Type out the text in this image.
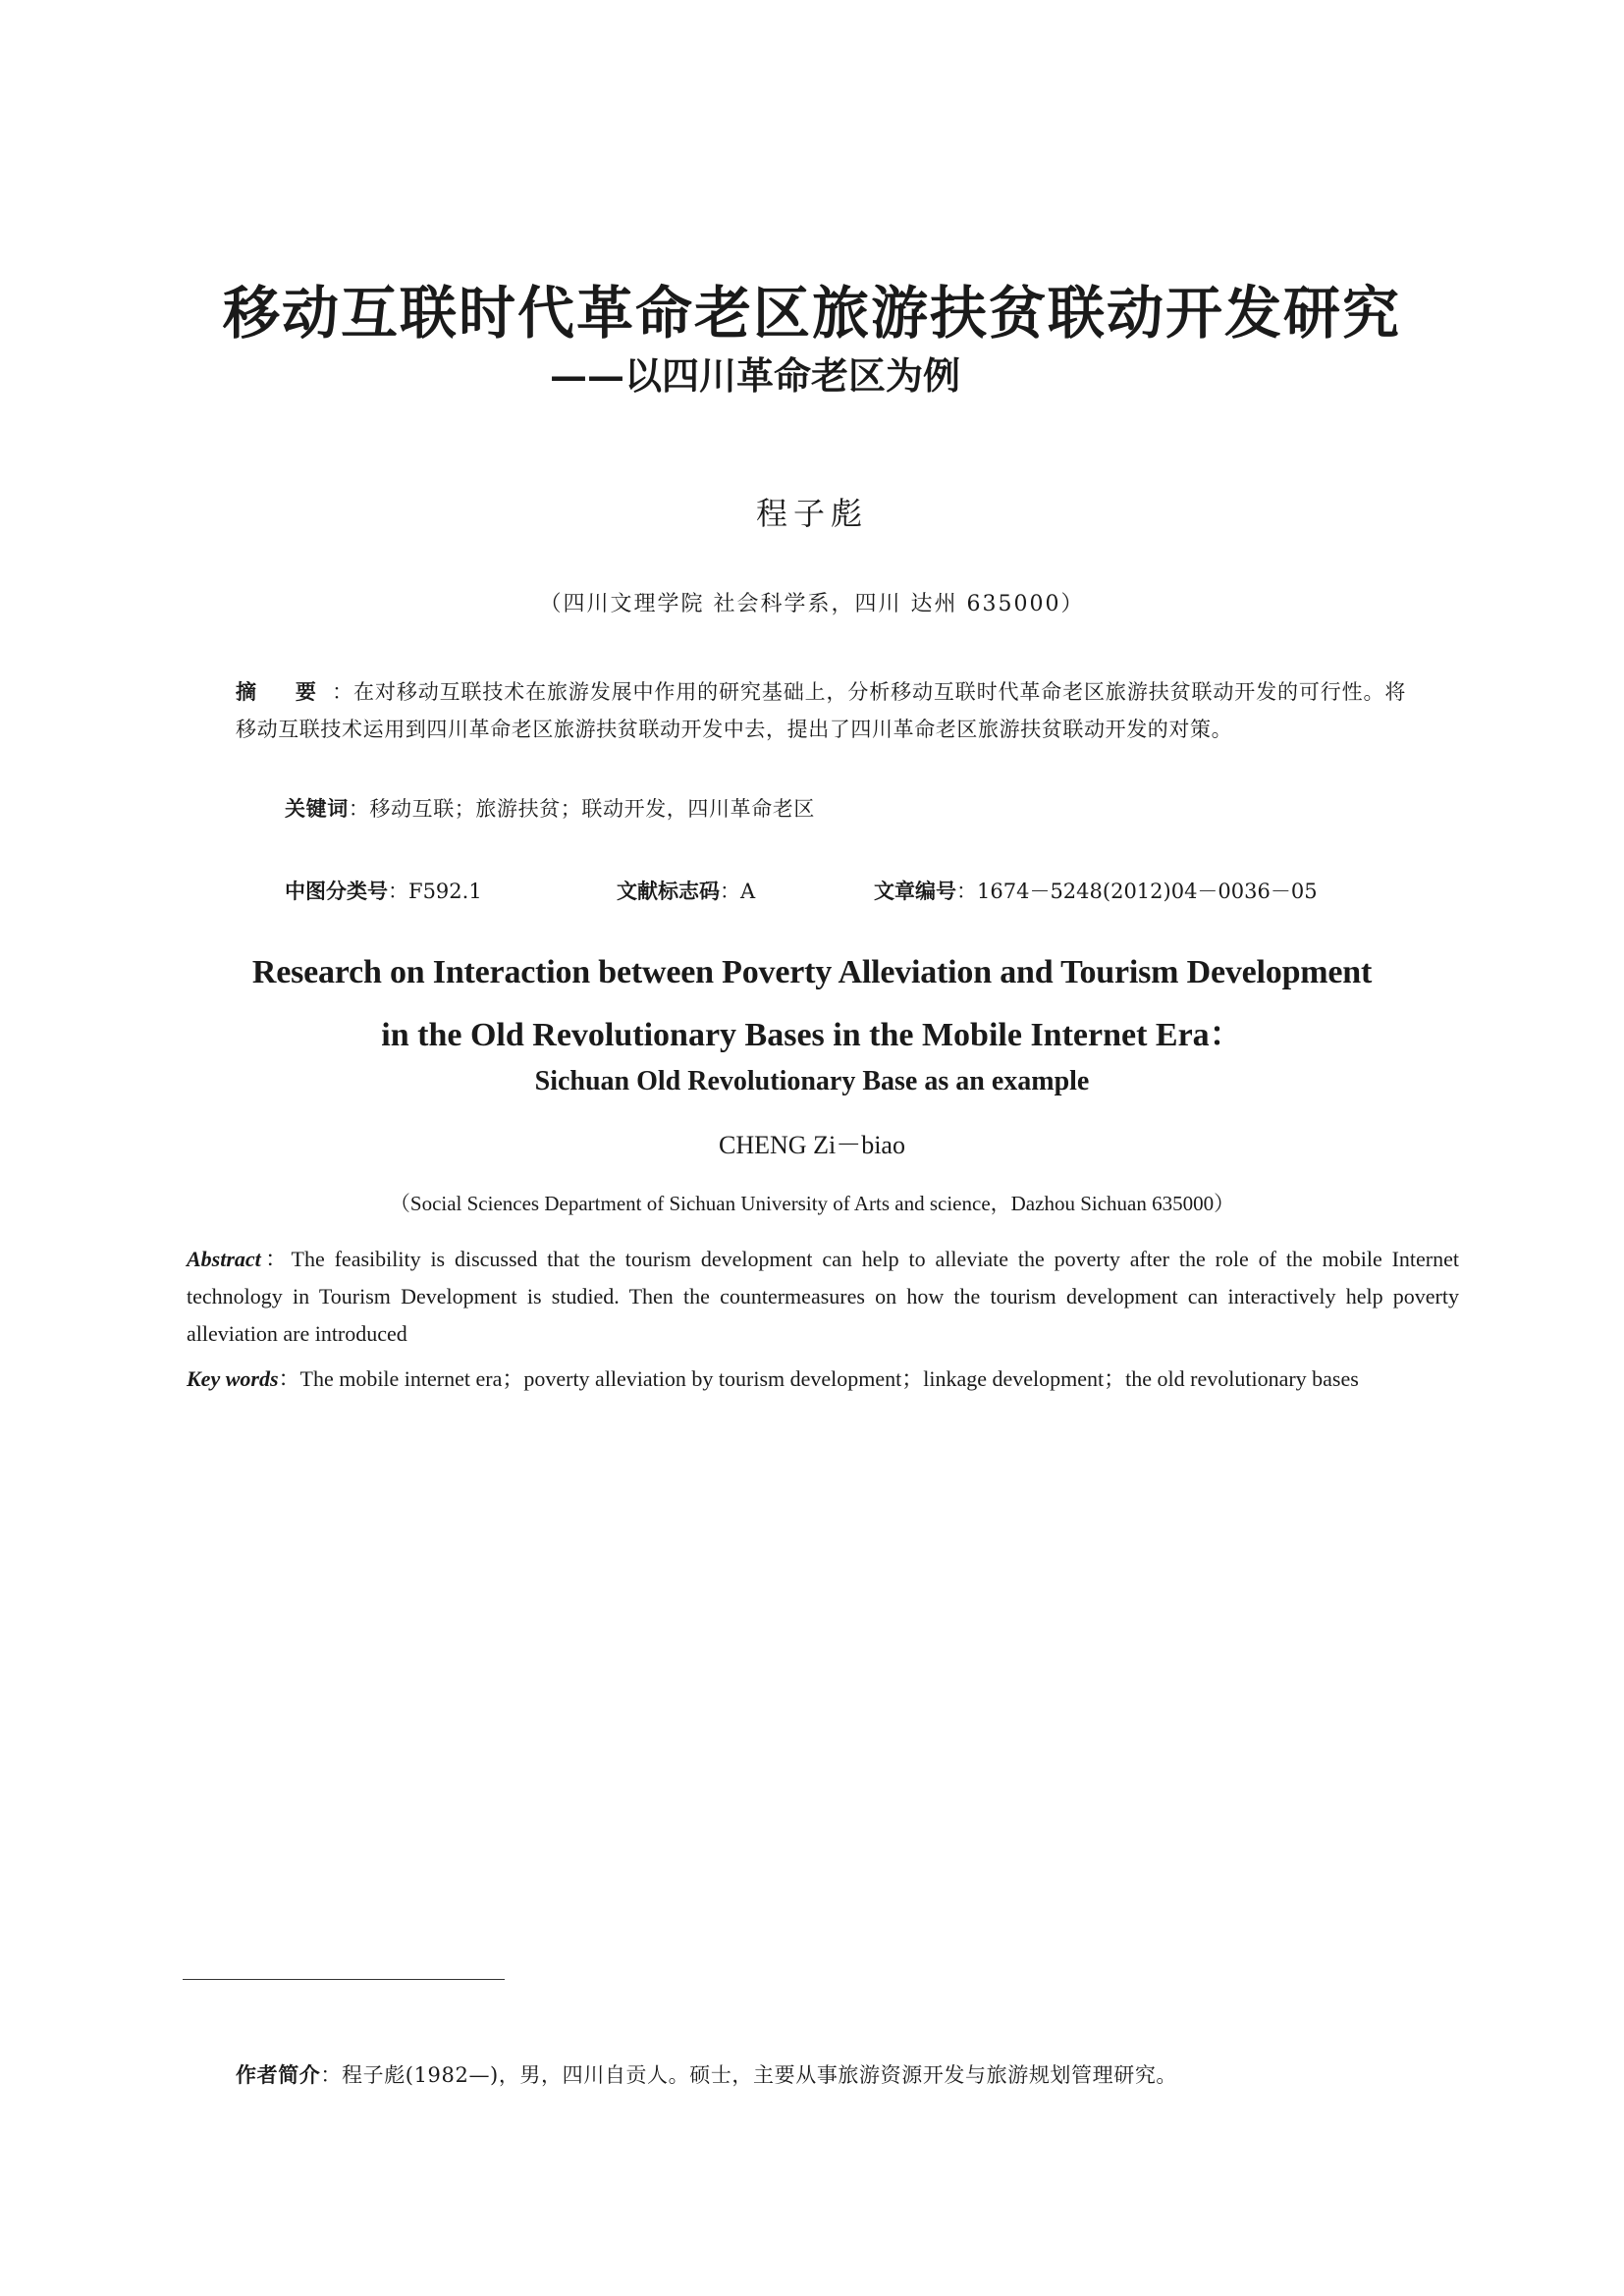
移动互联时代革命老区旅游扶贫联动开发研究
——以四川革命老区为例
程子彪
（四川文理学院 社会科学系，四川 达州 635000）
摘 要：在对移动互联技术在旅游发展中作用的研究基础上，分析移动互联时代革命老区旅游扶贫联动开发的可行性。将移动互联技术运用到四川革命老区旅游扶贫联动开发中去，提出了四川革命老区旅游扶贫联动开发的对策。
关键词：移动互联；旅游扶贫；联动开发，四川革命老区
中图分类号：F592.1	文献标志码：A	文章编号：1674－5248(2012)04－0036－05
Research on Interaction between Poverty Alleviation and Tourism Development
in the Old Revolutionary Bases in the Mobile Internet Era：
Sichuan Old Revolutionary Base as an example
CHENG Zi－biao
（Social Sciences Department of Sichuan University of Arts and science，Dazhou Sichuan 635000）
Abstract：The feasibility is discussed that the tourism development can help to alleviate the poverty after the role of the mobile Internet technology in Tourism Development is studied. Then the countermeasures on how the tourism development can interactively help poverty alleviation are introduced
Key words：The mobile internet era；poverty alleviation by tourism development；linkage development；the old revolutionary bases
作者简介：程子彪(1982—)，男，四川自贡人。硕士，主要从事旅游资源开发与旅游规划管理研究。
